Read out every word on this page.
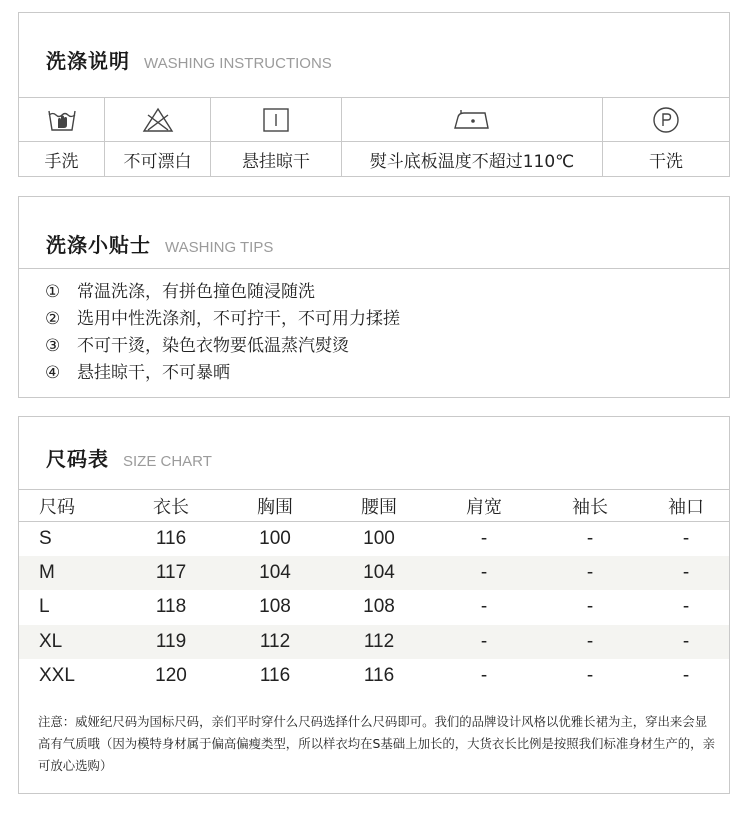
洗涤说明 WASHING INSTRUCTIONS
手洗	不可漂白	悬挂晾干	熨斗底板温度不超过110℃	干洗
洗涤小贴士 WASHING TIPS
① 常温洗涤，有拼色撞色随浸随洗
② 选用中性洗涤剂，不可拧干，不可用力揉搓
③ 不可干烫，染色衣物要低温蒸汽熨烫
④ 悬挂晾干，不可暴晒
尺码表 SIZE CHART
尺码	衣长	胸围	腰围	肩宽	袖长	袖口
S	116	100	100	-	-	-
M	117	104	104	-	-	-
L	118	108	108	-	-	-
XL	119	112	112	-	-	-
XXL	120	116	116	-	-	-
注意：威娅纪尺码为国标尺码，亲们平时穿什么尺码选择什么尺码即可。我们的品牌设计风格以优雅长裙为主，穿出来会显高有气质哦（因为模特身材属于偏高偏瘦类型，所以样衣均在S基础上加长的，大货衣长比例是按照我们标准身材生产的，亲可放心选购）
